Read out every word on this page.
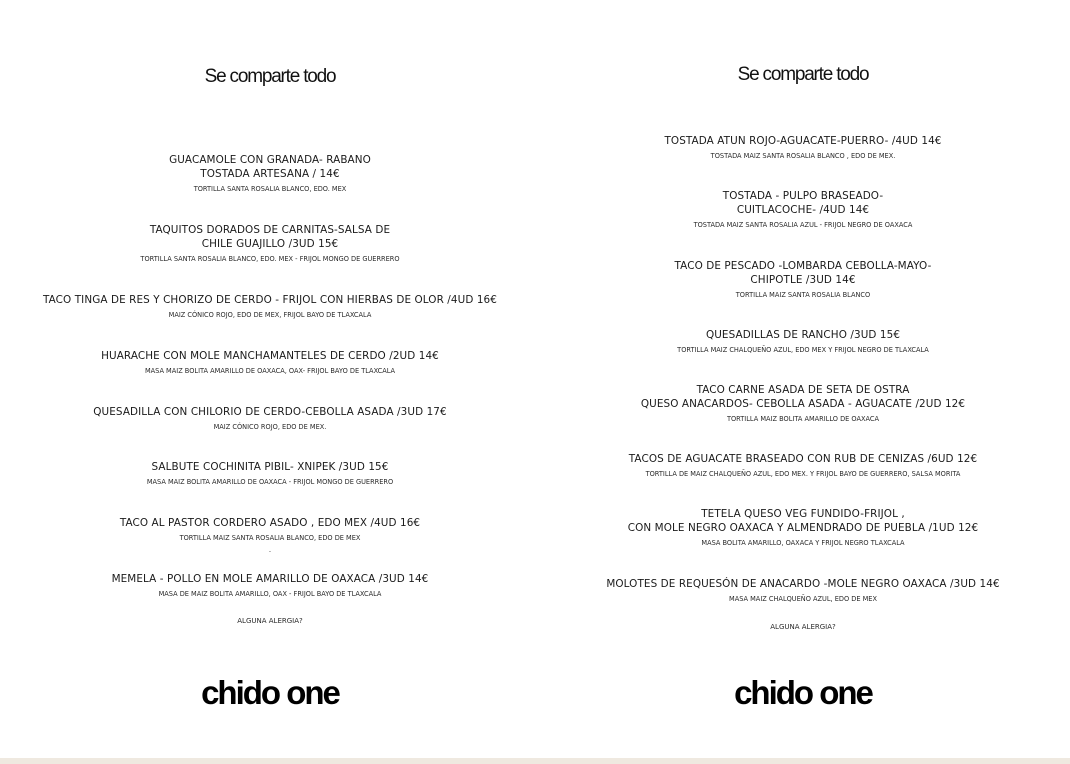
Se comparte todo
GUACAMOLE CON GRANADA- RABANO
TOSTADA ARTESANA / 14€
TORTILLA SANTA ROSALIA BLANCO, EDO. MEX
TAQUITOS DORADOS DE CARNITAS-SALSA DE
CHILE GUAJILLO /3UD 15€
TORTILLA SANTA ROSALIA BLANCO, EDO. MEX - FRIJOL MONGO DE GUERRERO
TACO TINGA DE RES Y CHORIZO DE CERDO - FRIJOL CON HIERBAS DE OLOR /4UD 16€
MAIZ CÓNICO ROJO, EDO DE MEX, FRIJOL BAYO DE TLAXCALA
HUARACHE CON MOLE MANCHAMANTELES DE CERDO /2UD 14€
MASA MAIZ BOLITA AMARILLO DE OAXACA, OAX- FRIJOL BAYO DE TLAXCALA
QUESADILLA CON CHILORIO DE CERDO-CEBOLLA ASADA /3UD 17€
MAIZ CÓNICO ROJO, EDO DE MEX.
SALBUTE COCHINITA PIBIL- XNIPEK /3UD 15€
MASA MAIZ BOLITA AMARILLO DE OAXACA - FRIJOL MONGO DE GUERRERO
TACO AL PASTOR CORDERO ASADO , EDO MEX /4UD 16€
TORTILLA MAIZ SANTA ROSALIA BLANCO, EDO DE MEX
.
MEMELA - POLLO EN MOLE AMARILLO DE OAXACA /3UD 14€
MASA DE MAIZ BOLITA AMARILLO, OAX - FRIJOL BAYO DE TLAXCALA
ALGUNA ALERGIA?
chido one
Se comparte todo
TOSTADA ATUN ROJO-AGUACATE-PUERRO- /4UD 14€
TOSTADA MAIZ SANTA ROSALIA BLANCO , EDO DE MEX.
TOSTADA - PULPO BRASEADO-
CUITLACOCHE- /4UD 14€
TOSTADA MAIZ SANTA ROSALIA AZUL - FRIJOL NEGRO DE OAXACA
TACO DE PESCADO -LOMBARDA CEBOLLA-MAYO-
CHIPOTLE /3UD 14€
TORTILLA MAIZ SANTA ROSALIA BLANCO
QUESADILLAS DE RANCHO /3UD 15€
TORTILLA MAIZ CHALQUEÑO AZUL, EDO MEX Y FRIJOL NEGRO DE TLAXCALA
TACO CARNE ASADA DE SETA DE OSTRA
QUESO ANACARDOS- CEBOLLA ASADA - AGUACATE /2UD 12€
TORTILLA MAIZ BOLITA AMARILLO DE OAXACA
TACOS DE AGUACATE BRASEADO CON RUB DE CENIZAS /6UD 12€
TORTILLA DE MAIZ CHALQUEÑO AZUL, EDO MEX. Y FRIJOL BAYO DE GUERRERO, SALSA MORITA
TETELA QUESO VEG FUNDIDO-FRIJOL ,
CON MOLE NEGRO OAXACA Y ALMENDRADO DE PUEBLA /1UD 12€
MASA BOLITA AMARILLO, OAXACA Y FRIJOL NEGRO TLAXCALA
MOLOTES DE REQUESÓN DE ANACARDO -MOLE NEGRO OAXACA /3UD 14€
MASA MAIZ CHALQUEÑO AZUL, EDO DE MEX
ALGUNA ALERGIA?
chido one
